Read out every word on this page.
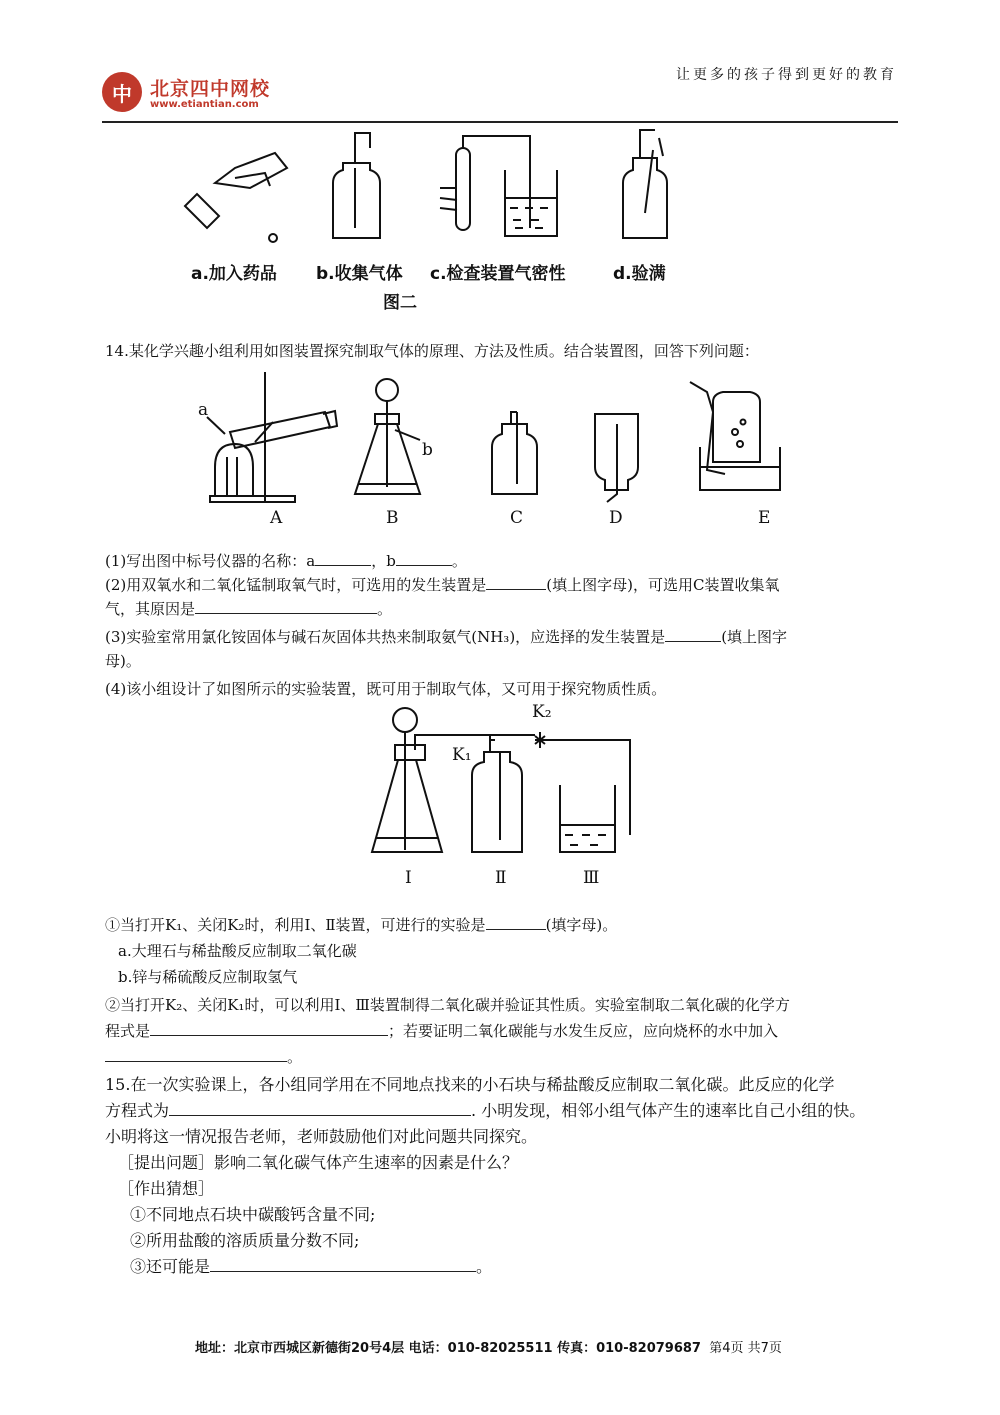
让更多的孩子得到更好的教育
中 北京四中网校
www.etiantian.com
a.加入药品 b.收集气体 c.检查装置气密性	d.验满
图二
14.某化学兴趣小组利用如图装置探究制取气体的原理、方法及性质。结合装置图，回答下列问题：
a
b
A	B	C	D	E
(1)写出图中标号仪器的名称：a	，b	。
(2)用双氧水和二氧化锰制取氧气时，可选用的发生装置是	(填上图字母)，可选用C装置收集氧
气，其原因是	。
(3)实验室常用氯化铵固体与碱石灰固体共热来制取氨气(NH₃)，应选择的发生装置是	(填上图字
母)。
(4)该小组设计了如图所示的实验装置，既可用于制取气体，又可用于探究物质性质。
K₂
K₁
Ⅰ	Ⅱ	Ⅲ
①当打开K₁、关闭K₂时，利用Ⅰ、Ⅱ装置，可进行的实验是	(填字母)。
a.大理石与稀盐酸反应制取二氧化碳
b.锌与稀硫酸反应制取氢气
②当打开K₂、关闭K₁时，可以利用Ⅰ、Ⅲ装置制得二氧化碳并验证其性质。实验室制取二氧化碳的化学方
程式是	；若要证明二氧化碳能与水发生反应，应向烧杯的水中加入
。
15.在一次实验课上，各小组同学用在不同地点找来的小石块与稀盐酸反应制取二氧化碳。此反应的化学
方程式为	. 小明发现，相邻小组气体产生的速率比自己小组的快。
小明将这一情况报告老师，老师鼓励他们对此问题共同探究。
［提出问题］影响二氧化碳气体产生速率的因素是什么？
［作出猜想］
①不同地点石块中碳酸钙含量不同;
②所用盐酸的溶质质量分数不同;
③还可能是	。
地址：北京市西城区新德街20号4层 电话：010-82025511 传真：010-82079687 第4页 共7页
